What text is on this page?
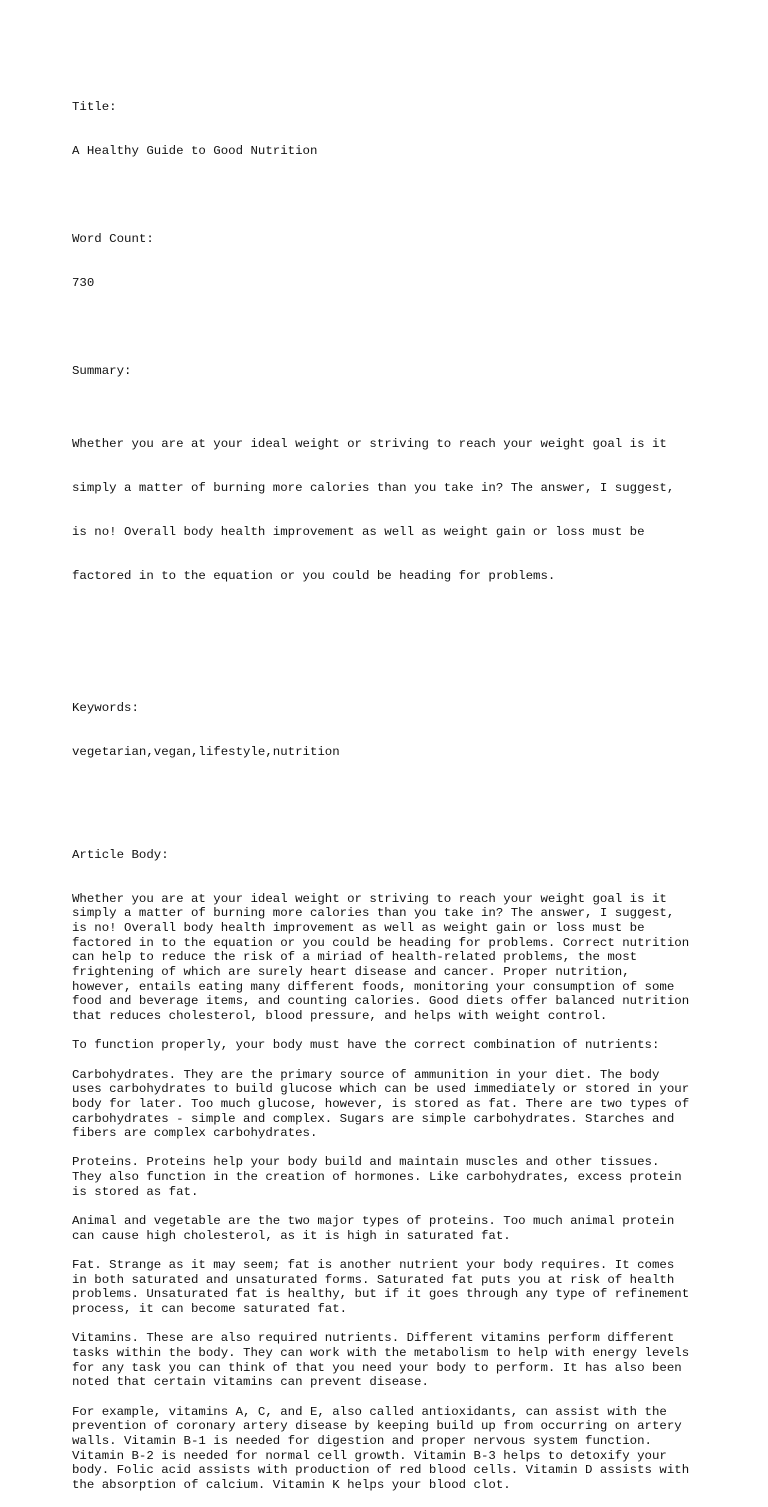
Title:

A Healthy Guide to Good Nutrition

Word Count:

730

Summary:

Whether you are at your ideal weight or striving to reach your weight goal is it

simply a matter of burning more calories than you take in? The answer, I suggest,

is no! Overall body health improvement as well as weight gain or loss must be

factored in to the equation or you could be heading for problems.

Keywords:

vegetarian,vegan,lifestyle,nutrition

Article Body:

Whether you are at your ideal weight or striving to reach your weight goal is it
simply a matter of burning more calories than you take in? The answer, I suggest,
is no! Overall body health improvement as well as weight gain or loss must be
factored in to the equation or you could be heading for problems. Correct nutrition
can help to reduce the risk of a miriad of health-related problems, the most
frightening of which are surely heart disease and cancer. Proper nutrition,
however, entails eating many different foods, monitoring your consumption of some
food and beverage items, and counting calories. Good diets offer balanced nutrition
that reduces cholesterol, blood pressure, and helps with weight control.
To function properly, your body must have the correct combination of nutrients:
Carbohydrates. They are the primary source of ammunition in your diet. The body
uses carbohydrates to build glucose which can be used immediately or stored in your
body for later. Too much glucose, however, is stored as fat. There are two types of
carbohydrates - simple and complex. Sugars are simple carbohydrates. Starches and
fibers are complex carbohydrates.
Proteins. Proteins help your body build and maintain muscles and other tissues.
They also function in the creation of hormones. Like carbohydrates, excess protein
is stored as fat.
Animal and vegetable are the two major types of proteins. Too much animal protein
can cause high cholesterol, as it is high in saturated fat.
Fat. Strange as it may seem; fat is another nutrient your body requires. It comes
in both saturated and unsaturated forms. Saturated fat puts you at risk of health
problems. Unsaturated fat is healthy, but if it goes through any type of refinement
process, it can become saturated fat.
Vitamins. These are also required nutrients. Different vitamins perform different
tasks within the body. They can work with the metabolism to help with energy levels
for any task you can think of that you need your body to perform. It has also been
noted that certain vitamins can prevent disease.
For example, vitamins A, C, and E, also called antioxidants, can assist with the
prevention of coronary artery disease by keeping build up from occurring on artery
walls. Vitamin B-1 is needed for digestion and proper nervous system function.
Vitamin B-2 is needed for normal cell growth. Vitamin B-3 helps to detoxify your
body. Folic acid assists with production of red blood cells. Vitamin D assists with
the absorption of calcium. Vitamin K helps your blood clot.
